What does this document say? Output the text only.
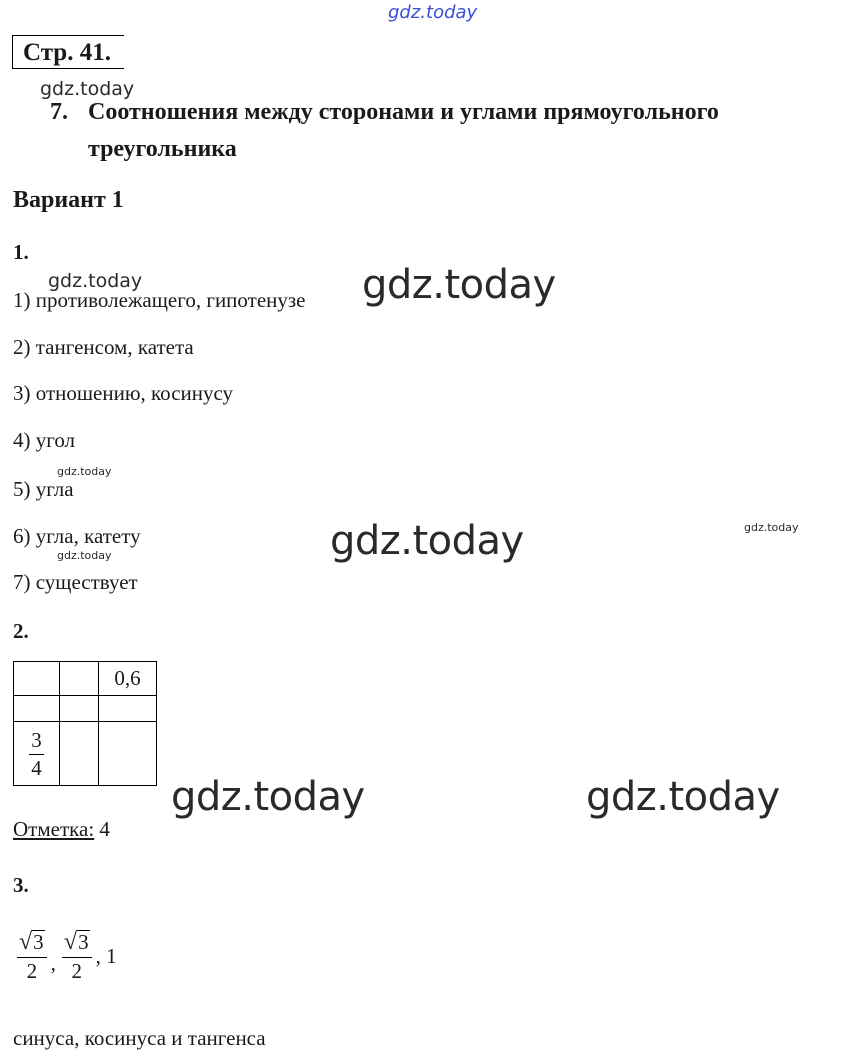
gdz.today
gdz.today
gdz.today	gdz.today
gdz.today
gdz.today	gdz.today
gdz.today
gdz.today	gdz.today
Стр. 41.
7. Соотношения между сторонами и углами прямоугольного
треугольника
Вариант 1
1.
1) противолежащего, гипотенузе
2) тангенсом, катета
3) отношению, косинусу
4) угол
5) угла
6) угла, катету
7) существует
2.
		0,6

$\frac{3}{4}$

Отметка: 4
3.
$\frac{√ 3}{2}$ , $\frac{√ 3}{2}$ , 1
синуса, косинуса и тангенса
